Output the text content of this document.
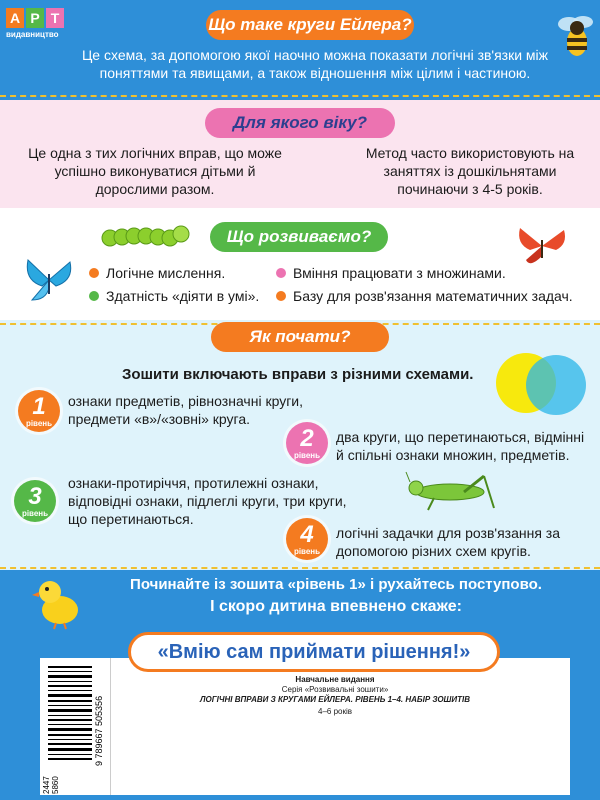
А Р Т
видавництво
Що таке круги Ейлера?
Це схема, за допомогою якої наочно можна показати логічні зв'язки між поняттями та явищами, а також відношення між цілим і частиною.
Для якого віку?
Це одна з тих логічних вправ, що може успішно виконуватися дітьми й дорослими разом.
Метод часто використовують на заняттях із дошкільнятами починаючи з 4-5 років.
Що розвиваємо?
Логічне мислення.
Здатність «діяти в умі».
Вміння працювати з множинами.
Базу для розв'язання математичних задач.
Як почати?
Зошити включають вправи з різними схемами.
1
рівень
ознаки предметів, рівнозначні круги, предмети «в»/«зовні» круга.
2
рівень
два круги, що перетинаються, відмінні й спільні ознаки множин, предметів.
3
рівень
ознаки-протиріччя, протилежні ознаки, відповідні ознаки, підлеглі круги, три круги, що перетинаються.
4
рівень
логічні задачки для розв'язання за допомогою різних схем кругів.
Починайте із зошита «рівень 1» і рухайтесь поступово.
І скоро дитина впевнено скаже:
9 789667 505356
2447 5860
«Вмію сам приймати рішення!»
Навчальне видання
Серія «Розвивальні зошити»
ЛОГІЧНІ ВПРАВИ З КРУГАМИ ЕЙЛЕРА. РІВЕНЬ 1–4. НАБІР ЗОШИТІВ
4–6 років
